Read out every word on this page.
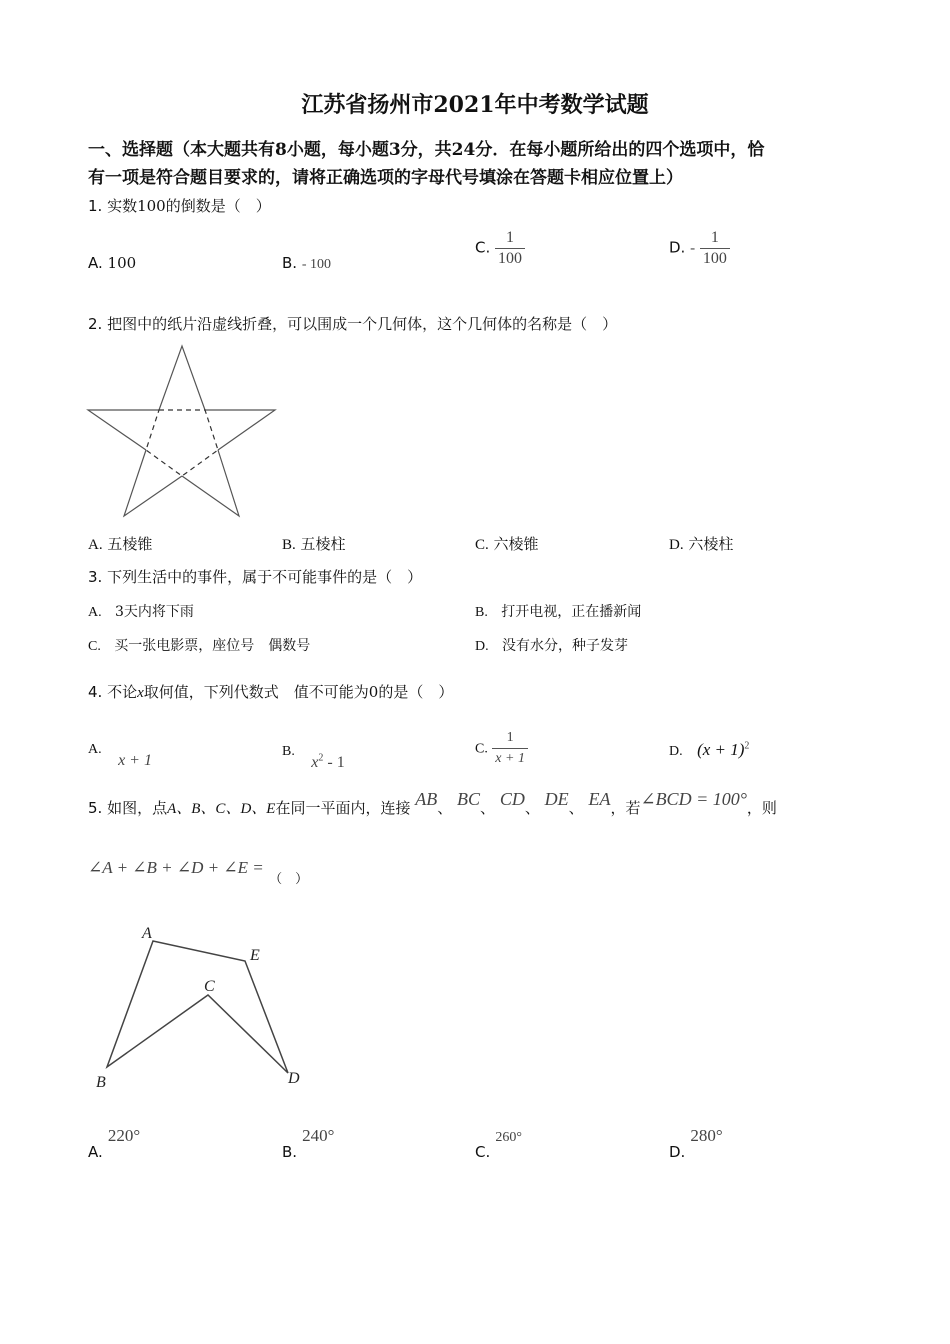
江苏省扬州市2021年中考数学试题
一、选择题（本大题共有8小题，每小题3分，共24分．在每小题所给出的四个选项中，恰
有一项是符合题目要求的，请将正确选项的字母代号填涂在答题卡相应位置上）
1. 实数100的倒数是（　）
A. 100	B. - 100
C. $\frac{1}{100}$	D. - $\frac{1}{100}$
2. 把图中的纸片沿虚线折叠，可以围成一个几何体，这个几何体的名称是（　）
A. 五棱锥	B. 五棱柱	C. 六棱锥	D. 六棱柱
3. 下列生活中的事件，属于不可能事件的是（　）
A. 3天内将下雨	B. 打开电视，正在播新闻
C. 买一张电影票，座位号　偶数号	D. 没有水分，种子发芽
4. 不论x取何值，下列代数式　值不可能为0的是（　）
A. x + 1
B. $x^2 - 1$
C. $\frac{1}{x + 1}$	D. $(x + 1)^2$
5. 如图，点A、B、C、D、E在同一平面内，连接 AB、 BC、 CD、 DE、 EA，若∠BCD = 100°，则
∠A + ∠B + ∠D + ∠E = $_{( )}$
A
B
C
D
E
A. 220°
B. 240°
C. 260°
D. 280°
